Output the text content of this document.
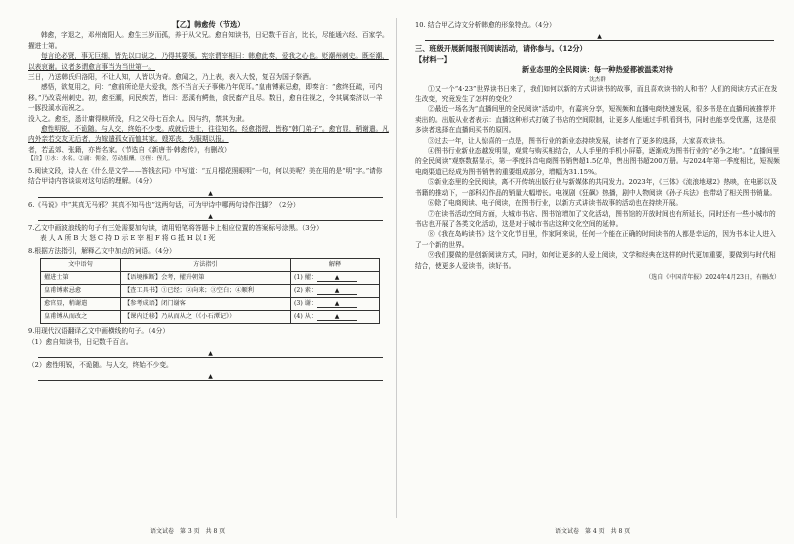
【乙】韩愈传（节选）

韩愈，字退之，邓州南阳人。愈生三岁而孤，养于从父兄。愈自知读书，日记数千百言，比长，尽能通六经、百家学。擢进士第。

每言论必贤，事无巨细，皆先以口说之，乃得其要领。宪宗谓宰相曰：韩愈此奏，爱我之心也。贬潮州刺史。既至潮，以表哀谢。议者多谓愈言事当为当世第一。

三日，乃送韩氏归洛阳，不让人知，人皆以为奇。愈闻之，乃上表，表入大悦，复召为国子祭酒。

感悟，欲复用之，问：“愈前所论是大爱我，然不当言天子事佛乃年促耳。”皇甫镈素忌愈，即奏言：“愈终狂疏，可内移。”乃改袁州刺史。初，愈至潮，问民疾苦，皆曰：恶溪有鳄鱼，食民畜产且尽。数日，愈自往视之，令其属秦济以一羊一豚投溪水而祝之。

没入之。愈至，悉计庸得赎所没，归之父母七百余人。因与约，禁其为隶。

愈性明锐，不诡随。与人交，终始不少变。成就后进士，往往知名。经愈指授，皆称“韩门弟子”。愈官显，稍谢遣。凡内外亲若交友无后者，为嫁遣孤女而恤其家。嫂郑丧，为服期以报。

者，若孟郊、张籍，亦皆名家。（节选自《新唐书·韩愈传》，有删改）

【注】①水：水名。②庸：佣金，劳动报酬。③侄：侄儿。

5.阅读文段，诗人在《什么是文学——答钱玄同》中写道：“五月榴花照眼明”一句，何以美呢？美在用的是“明”字。”请你结合甲诗内容谈谈对这句话的理解。（4分）

▲

6.《马说》中“其真无马邪？其真不知马也”这两句话，可为甲诗中哪两句诗作注脚？（2分）

▲

7.乙文中画波浪线的句子有三处需要加句读，请用铅笔将答题卡上相应位置的答案标号涂黑。（3分）

表 人 A 所 B 大 怒 C 持 D 示 E 宰 相 F 将 G 抵 H 以 I 死

8.根据方法指引，解释乙文中加点的词语。（4分）

文中语句	方法指引	解释
擢进士第	【语境推断】会考，擢升朝第	(1) 擢： ▲

皇甫镈素忌愈	【查工具书】①已经；②向来；③空白；④顺利	(2) 素： ▲

愈官显，稍谢遣	【参考成语】闭门谢客	(3) 谢： ▲

皇甫镈从而改之	【课内迁移】乃从而从之（《小石潭记》）	(4) 从： ▲

9.用现代汉语翻译乙文中画横线的句子。（4分）

（1）愈自知读书，日记数千百言。

▲

（2）愈性明锐，不诡随。与人交，终始不少变。

▲
语文试卷　第 3 页　共 8 页

10. 结合甲乙诗文分析韩愈的形象特点。（4分）

▲

三、班级开展新闻报刊阅读活动，请你参与。（12分）

【材料一】

新业态里的全民阅读：每一种热爱都被温柔对待

沈杰群

①又一个“4·23”世界读书日来了，我们如何以新的方式讲读书的故事，而且喜欢读书的人和书？人们的阅读方式正在发生改变，究竟发生了怎样的变化？

②最近一场名为“直播间里的全民阅读”活动中，有嘉宾分享，短视频和直播电商快速发展，很多书是在直播间被推荐并卖出的。出版从业者表示：直播这种形式打破了书店的空间限制，让更多人能通过手机看到书，同时也能享受优惠，这是很多读者选择在直播间买书的原因。

③过去一年，让人惊喜的一点是，图书行业的新业态持续发展，读者有了更多的选择，大家喜欢读书。

④图书行业新业态越发明显，观赏与购买相结合，人人手里的手机小屏幕，逐渐成为图书行业的“必争之地”。“直播间里的全民阅读”观察数据显示，第一季度抖音电商图书销售超1.5亿单，售出图书超200万册。与2024年第一季度相比，短视频电商渠道已经成为图书销售的重要组成部分，增幅为31.15%。

⑤新业态里的全民阅读，离不开传统出版行业与新媒体的共同发力。2023年，《三体》《流浪地球2》热映，在电影以及书籍的推动下，一部科幻作品的销量大幅增长。电视剧《狂飙》热播，剧中人物阅读《孙子兵法》也带动了相关图书销量。

⑥除了电商阅读、电子阅读，在图书行业，以新方式讲读书故事的活动也在持续开展。

⑦在读书活动空间方面，大城市书店、图书馆增加了文化活动，图书馆的开放时间也有所延长，同时还有一些小城市的书店也开展了各类文化活动，这是对于城市书店这种文化空间的延伸。

⑧《我在岛屿读书》这个文化节目里，作家阿来说，任何一个能在正确的时间读书的人都是幸运的，因为书本让人进入了一个新的世界。

⑨我们要做的是创新阅读方式，同时，如何让更多的人爱上阅读，文学和经典在这样的时代更加重要，要做到与时代相结合，使更多人爱读书，读好书。

（选自《中国青年报》2024年4月23日，有删改）

语文试卷　第 4 页　共 8 页
